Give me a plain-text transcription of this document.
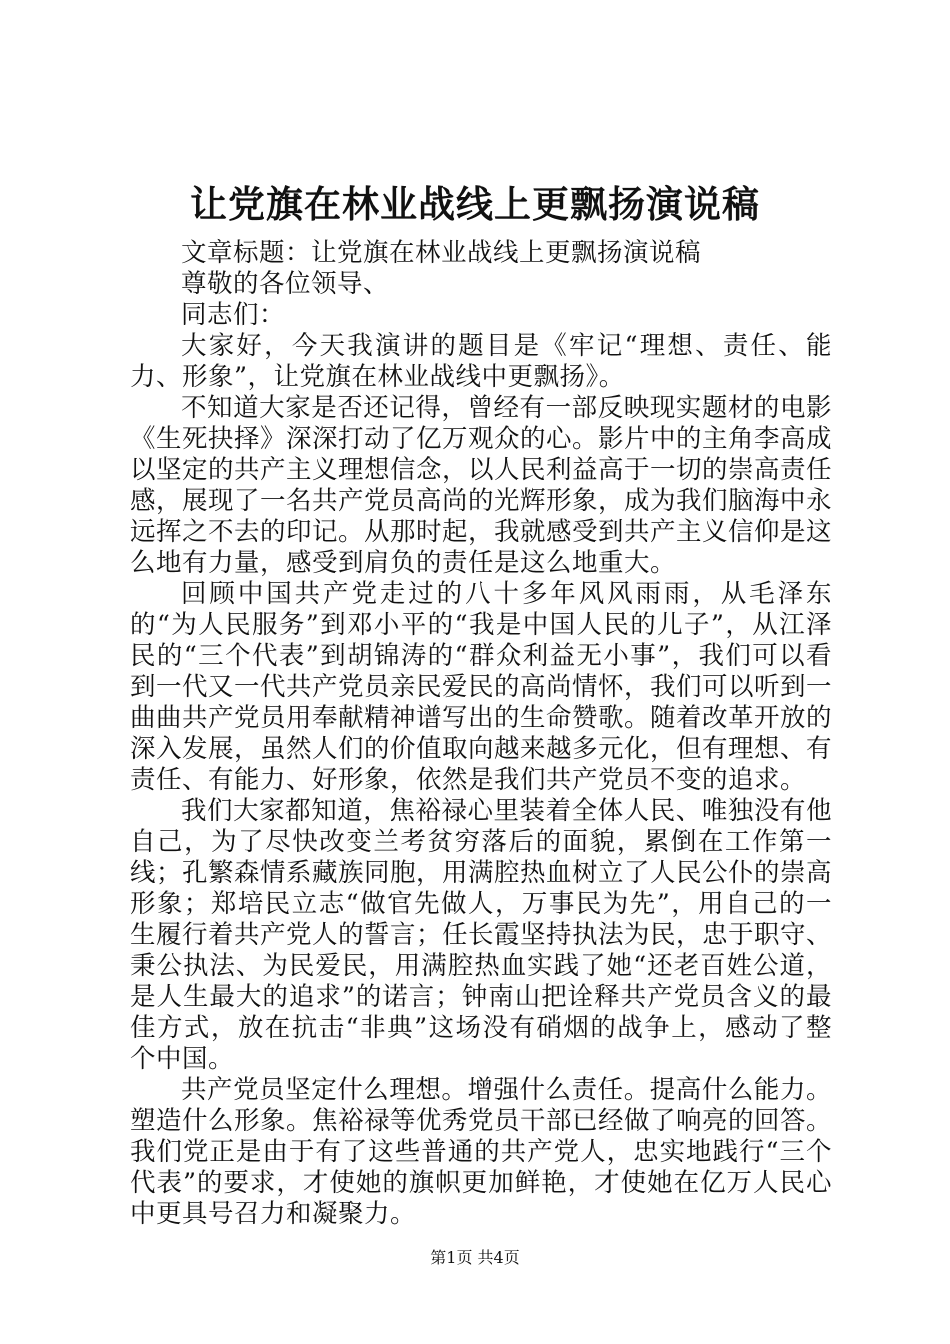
让党旗在林业战线上更飘扬演说稿

文章标题：让党旗在林业战线上更飘扬演说稿

尊敬的各位领导、

同志们：

大家好，今天我演讲的题目是《牢记“理想、责任、能力、形象”，让党旗在林业战线中更飘扬》。

不知道大家是否还记得，曾经有一部反映现实题材的电影《生死抉择》深深打动了亿万观众的心。影片中的主角李高成以坚定的共产主义理想信念，以人民利益高于一切的崇高责任感，展现了一名共产党员高尚的光辉形象，成为我们脑海中永远挥之不去的印记。从那时起，我就感受到共产主义信仰是这么地有力量，感受到肩负的责任是这么地重大。

回顾中国共产党走过的八十多年风风雨雨，从毛泽东的“为人民服务”到邓小平的“我是中国人民的儿子”，从江泽民的“三个代表”到胡锦涛的“群众利益无小事”，我们可以看到一代又一代共产党员亲民爱民的高尚情怀，我们可以听到一曲曲共产党员用奉献精神谱写出的生命赞歌。随着改革开放的深入发展，虽然人们的价值取向越来越多元化，但有理想、有责任、有能力、好形象，依然是我们共产党员不变的追求。

我们大家都知道，焦裕禄心里装着全体人民、唯独没有他自己，为了尽快改变兰考贫穷落后的面貌，累倒在工作第一线；孔繁森情系藏族同胞，用满腔热血树立了人民公仆的崇高形象；郑培民立志“做官先做人，万事民为先”，用自己的一生履行着共产党人的誓言；任长霞坚持执法为民，忠于职守、秉公执法、为民爱民，用满腔热血实践了她“还老百姓公道，是人生最大的追求”的诺言；钟南山把诠释共产党员含义的最佳方式，放在抗击“非典”这场没有硝烟的战争上，感动了整个中国。

共产党员坚定什么理想。增强什么责任。提高什么能力。塑造什么形象。焦裕禄等优秀党员干部已经做了响亮的回答。我们党正是由于有了这些普通的共产党人，忠实地践行“三个代表”的要求，才使她的旗帜更加鲜艳，才使她在亿万人民心中更具号召力和凝聚力。

第1页 共4页
